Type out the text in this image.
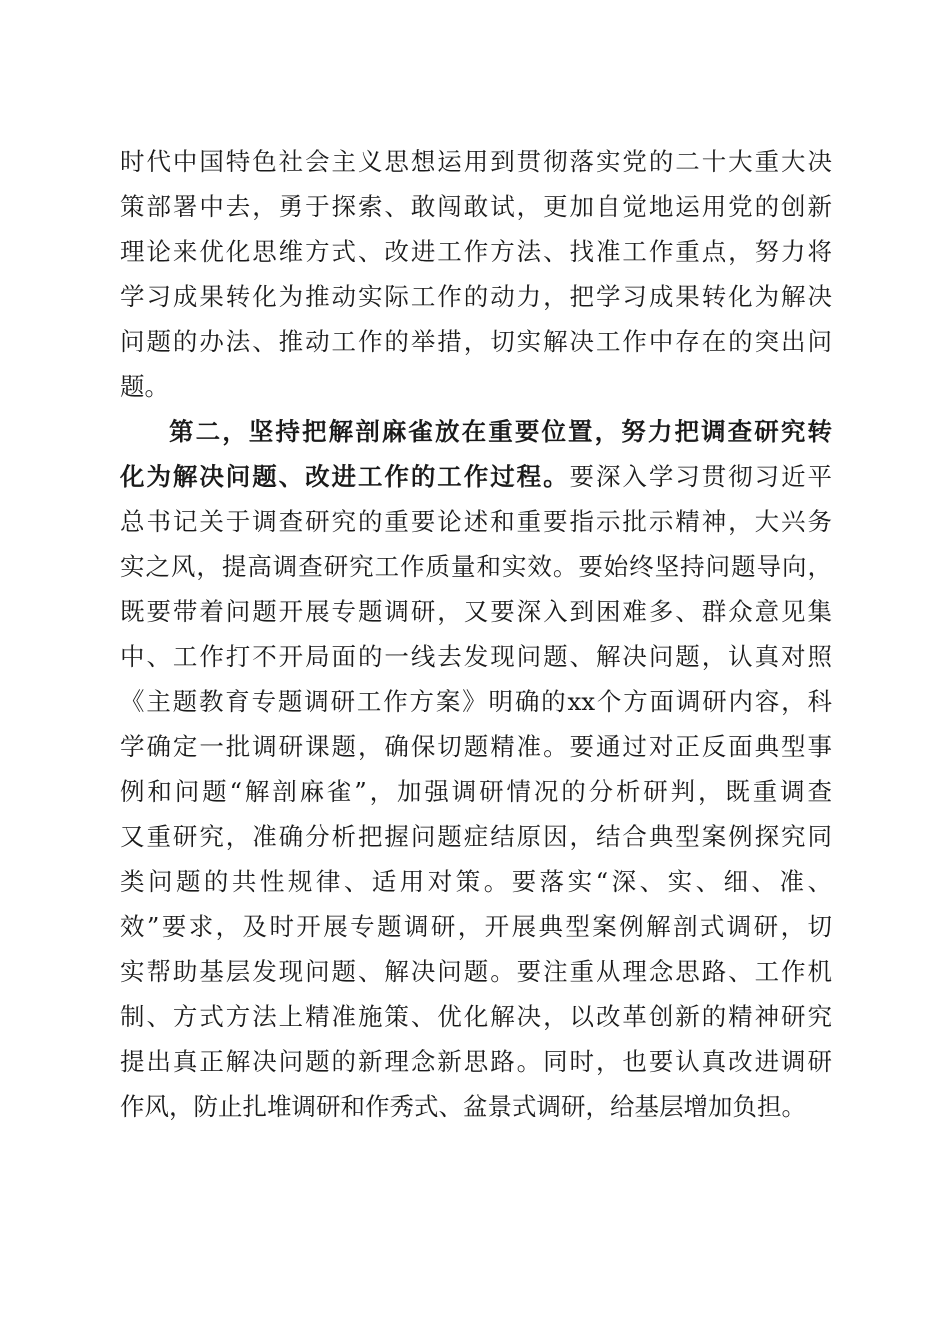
时代中国特色社会主义思想运用到贯彻落实党的二十大重大决
策部署中去，勇于探索、敢闯敢试，更加自觉地运用党的创新
理论来优化思维方式、改进工作方法、找准工作重点，努力将
学习成果转化为推动实际工作的动力，把学习成果转化为解决
问题的办法、推动工作的举措，切实解决工作中存在的突出问
题。
第二，坚持把解剖麻雀放在重要位置，努力把调查研究转
化为解决问题、改进工作的工作过程。要深入学习贯彻习近平
总书记关于调查研究的重要论述和重要指示批示精神，大兴务
实之风，提高调查研究工作质量和实效。要始终坚持问题导向，
既要带着问题开展专题调研，又要深入到困难多、群众意见集
中、工作打不开局面的一线去发现问题、解决问题，认真对照
《主题教育专题调研工作方案》明确的xx个方面调研内容，科
学确定一批调研课题，确保切题精准。要通过对正反面典型事
例和问题“解剖麻雀”，加强调研情况的分析研判，既重调查
又重研究，准确分析把握问题症结原因，结合典型案例探究同
类问题的共性规律、适用对策。要落实“深、实、细、准、
效”要求，及时开展专题调研，开展典型案例解剖式调研，切
实帮助基层发现问题、解决问题。要注重从理念思路、工作机
制、方式方法上精准施策、优化解决，以改革创新的精神研究
提出真正解决问题的新理念新思路。同时，也要认真改进调研
作风，防止扎堆调研和作秀式、盆景式调研，给基层增加负担。
